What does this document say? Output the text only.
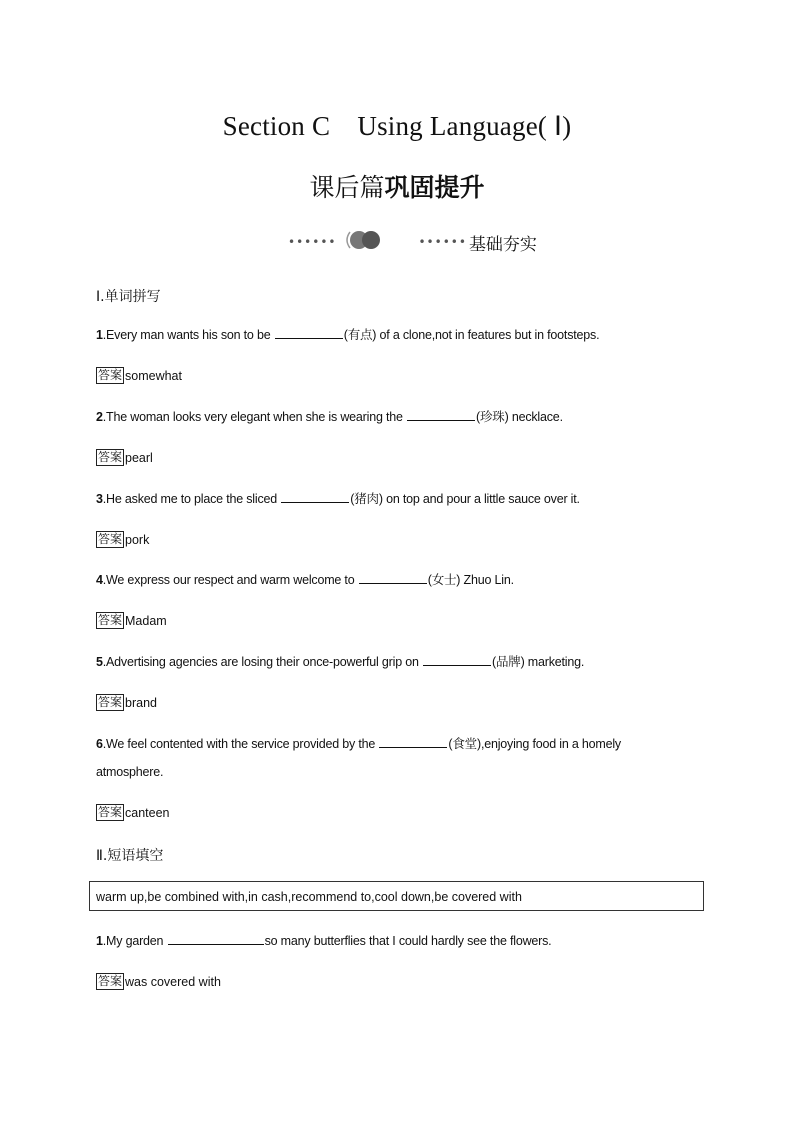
Section C　Using Language( Ⅰ)
课后篇巩固提升
••••••	•••••• 基础夯实
Ⅰ.单词拼写
1.Every man wants his son to be	(有点) of a clone,not in features but in footsteps.
答案 somewhat
2.The woman looks very elegant when she is wearing the	(珍珠) necklace.
答案 pearl
3.He asked me to place the sliced	(猪肉) on top and pour a little sauce over it.
答案 pork
4.We express our respect and warm welcome to	(女士) Zhuo Lin.
答案 Madam
5.Advertising agencies are losing their once-powerful grip on	(品牌) marketing.
答案 brand
6.We feel contented with the service provided by the	(食堂),enjoying food in a homely atmosphere.
答案 canteen
Ⅱ.短语填空
warm up,be combined with,in cash,recommend to,cool down,be covered with
1.My garden	so many butterflies that I could hardly see the flowers.
答案 was covered with
